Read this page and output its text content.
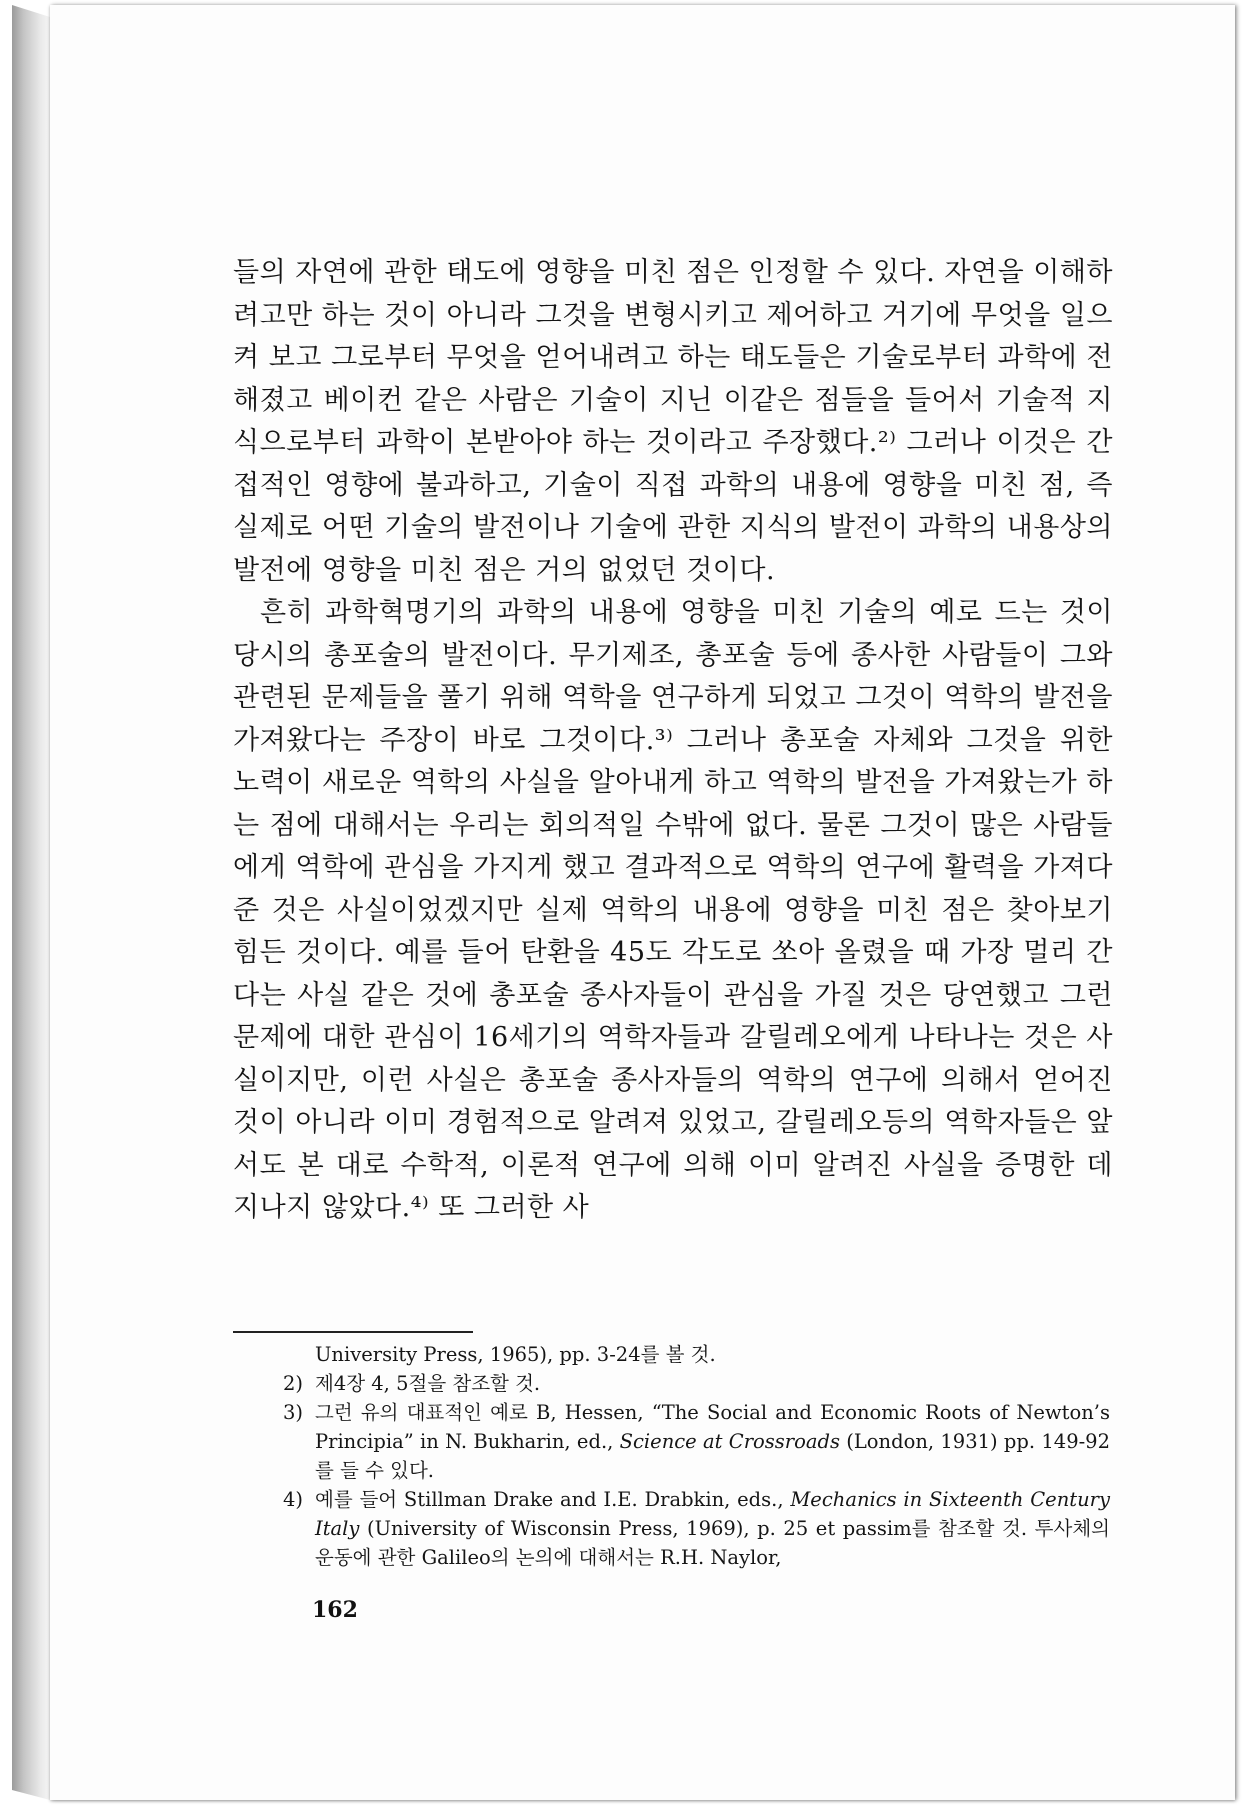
들의 자연에 관한 태도에 영향을 미친 점은 인정할 수 있다. 자연을 이해하려고만 하는 것이 아니라 그것을 변형시키고 제어하고 거기에 무엇을 일으켜 보고 그로부터 무엇을 얻어내려고 하는 태도들은 기술로부터 과학에 전해졌고 베이컨 같은 사람은 기술이 지닌 이같은 점들을 들어서 기술적 지식으로부터 과학이 본받아야 하는 것이라고 주장했다.²⁾ 그러나 이것은 간접적인 영향에 불과하고, 기술이 직접 과학의 내용에 영향을 미친 점, 즉 실제로 어떤 기술의 발전이나 기술에 관한 지식의 발전이 과학의 내용상의 발전에 영향을 미친 점은 거의 없었던 것이다.

흔히 과학혁명기의 과학의 내용에 영향을 미친 기술의 예로 드는 것이 당시의 총포술의 발전이다. 무기제조, 총포술 등에 종사한 사람들이 그와 관련된 문제들을 풀기 위해 역학을 연구하게 되었고 그것이 역학의 발전을 가져왔다는 주장이 바로 그것이다.³⁾ 그러나 총포술 자체와 그것을 위한 노력이 새로운 역학의 사실을 알아내게 하고 역학의 발전을 가져왔는가 하는 점에 대해서는 우리는 회의적일 수밖에 없다. 물론 그것이 많은 사람들에게 역학에 관심을 가지게 했고 결과적으로 역학의 연구에 활력을 가져다 준 것은 사실이었겠지만 실제 역학의 내용에 영향을 미친 점은 찾아보기 힘든 것이다. 예를 들어 탄환을 45도 각도로 쏘아 올렸을 때 가장 멀리 간다는 사실 같은 것에 총포술 종사자들이 관심을 가질 것은 당연했고 그런 문제에 대한 관심이 16세기의 역학자들과 갈릴레오에게 나타나는 것은 사실이지만, 이런 사실은 총포술 종사자들의 역학의 연구에 의해서 얻어진 것이 아니라 이미 경험적으로 알려져 있었고, 갈릴레오등의 역학자들은 앞서도 본 대로 수학적, 이론적 연구에 의해 이미 알려진 사실을 증명한 데 지나지 않았다.⁴⁾ 또 그러한 사

University Press, 1965), pp. 3-24를 볼 것.

2) 제4장 4, 5절을 참조할 것.

3) 그런 유의 대표적인 예로 B, Hessen, “The Social and Economic Roots of Newton’s Principia” in N. Bukharin, ed., Science at Crossroads (London, 1931) pp. 149-92를 들 수 있다.

4) 예를 들어 Stillman Drake and I.E. Drabkin, eds., Mechanics in Sixteenth Century Italy (University of Wisconsin Press, 1969), p. 25 et passim를 참조할 것. 투사체의 운동에 관한 Galileo의 논의에 대해서는 R.H. Naylor,

162
